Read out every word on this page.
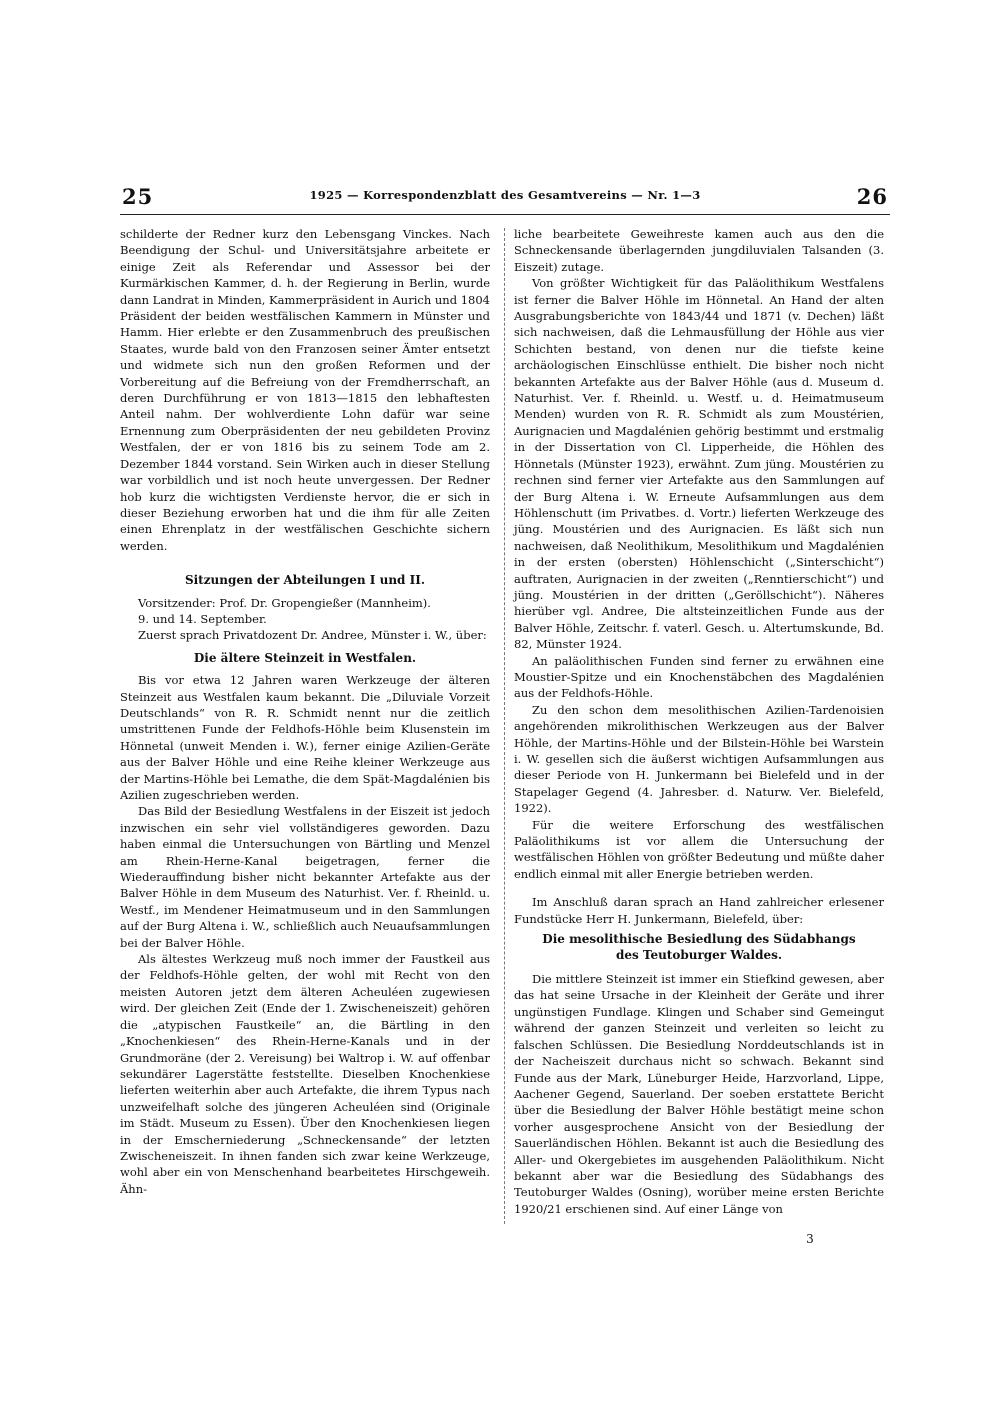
25	1925 — Korrespondenzblatt des Gesamtvereins — Nr. 1—3	26

schilderte der Redner kurz den Lebensgang Vinckes. Nach Beendigung der Schul- und Universitätsjahre arbeitete er einige Zeit als Referendar und Assessor bei der Kurmärkischen Kammer, d. h. der Regierung in Berlin, wurde dann Landrat in Minden, Kammerpräsident in Aurich und 1804 Präsident der beiden westfälischen Kammern in Münster und Hamm. Hier erlebte er den Zusammenbruch des preußischen Staates, wurde bald von den Franzosen seiner Ämter entsetzt und widmete sich nun den großen Reformen und der Vorbereitung auf die Befreiung von der Fremdherrschaft, an deren Durchführung er von 1813—1815 den lebhaftesten Anteil nahm. Der wohlverdiente Lohn dafür war seine Ernennung zum Oberpräsidenten der neu gebildeten Provinz Westfalen, der er von 1816 bis zu seinem Tode am 2. Dezember 1844 vorstand. Sein Wirken auch in dieser Stellung war vorbildlich und ist noch heute unvergessen. Der Redner hob kurz die wichtigsten Verdienste hervor, die er sich in dieser Beziehung erworben hat und die ihm für alle Zeiten einen Ehrenplatz in der westfälischen Geschichte sichern werden.

Sitzungen der Abteilungen I und II.

Vorsitzender: Prof. Dr. Gropengießer (Mannheim).

9. und 14. September.

Zuerst sprach Privatdozent Dr. Andree, Münster i. W., über:

Die ältere Steinzeit in Westfalen.

Bis vor etwa 12 Jahren waren Werkzeuge der älteren Steinzeit aus Westfalen kaum bekannt. Die „Diluviale Vorzeit Deutschlands“ von R. R. Schmidt nennt nur die zeitlich umstrittenen Funde der Feldhofs-Höhle beim Klusenstein im Hönnetal (unweit Menden i. W.), ferner einige Azilien-Geräte aus der Balver Höhle und eine Reihe kleiner Werkzeuge aus der Martins-Höhle bei Lemathe, die dem Spät-Magdalénien bis Azilien zugeschrieben werden.

Das Bild der Besiedlung Westfalens in der Eiszeit ist jedoch inzwischen ein sehr viel vollständigeres geworden. Dazu haben einmal die Untersuchungen von Bärtling und Menzel am Rhein-Herne-Kanal beigetragen, ferner die Wiederauffindung bisher nicht bekannter Artefakte aus der Balver Höhle in dem Museum des Naturhist. Ver. f. Rheinld. u. Westf., im Mendener Heimatmuseum und in den Sammlungen auf der Burg Altena i. W., schließlich auch Neuaufsammlungen bei der Balver Höhle.

Als ältestes Werkzeug muß noch immer der Faustkeil aus der Feldhofs-Höhle gelten, der wohl mit Recht von den meisten Autoren jetzt dem älteren Acheuléen zugewiesen wird. Der gleichen Zeit (Ende der 1. Zwischeneiszeit) gehören die „atypischen Faustkeile“ an, die Bärtling in den „Knochenkiesen“ des Rhein-Herne-Kanals und in der Grundmoräne (der 2. Vereisung) bei Waltrop i. W. auf offenbar sekundärer Lagerstätte feststellte. Dieselben Knochenkiese lieferten weiterhin aber auch Artefakte, die ihrem Typus nach unzweifelhaft solche des jüngeren Acheuléen sind (Originale im Städt. Museum zu Essen). Über den Knochenkiesen liegen in der Emscherniederung „Schneckensande“ der letzten Zwischeneiszeit. In ihnen fanden sich zwar keine Werkzeuge, wohl aber ein von Menschenhand bearbeitetes Hirschgeweih. Ähn-

liche bearbeitete Geweihreste kamen auch aus den die Schneckensande überlagernden jungdiluvialen Talsanden (3. Eiszeit) zutage.

Von größter Wichtigkeit für das Paläolithikum Westfalens ist ferner die Balver Höhle im Hönnetal. An Hand der alten Ausgrabungsberichte von 1843/44 und 1871 (v. Dechen) läßt sich nachweisen, daß die Lehmausfüllung der Höhle aus vier Schichten bestand, von denen nur die tiefste keine archäologischen Einschlüsse enthielt. Die bisher noch nicht bekannten Artefakte aus der Balver Höhle (aus d. Museum d. Naturhist. Ver. f. Rheinld. u. Westf. u. d. Heimatmuseum Menden) wurden von R. R. Schmidt als zum Moustérien, Aurignacien und Magdalénien gehörig bestimmt und erstmalig in der Dissertation von Cl. Lipperheide, die Höhlen des Hönnetals (Münster 1923), erwähnt. Zum jüng. Moustérien zu rechnen sind ferner vier Artefakte aus den Sammlungen auf der Burg Altena i. W. Erneute Aufsammlungen aus dem Höhlenschutt (im Privatbes. d. Vortr.) lieferten Werkzeuge des jüng. Moustérien und des Aurignacien. Es läßt sich nun nachweisen, daß Neolithikum, Mesolithikum und Magdalénien in der ersten (obersten) Höhlenschicht („Sinterschicht“) auftraten, Aurignacien in der zweiten („Renntierschicht“) und jüng. Moustérien in der dritten („Geröllschicht“). Näheres hierüber vgl. Andree, Die altsteinzeitlichen Funde aus der Balver Höhle, Zeitschr. f. vaterl. Gesch. u. Altertumskunde, Bd. 82, Münster 1924.

An paläolithischen Funden sind ferner zu erwähnen eine Moustier-Spitze und ein Knochenstäbchen des Magdalénien aus der Feldhofs-Höhle.

Zu den schon dem mesolithischen Azilien-Tardenoisien angehörenden mikrolithischen Werkzeugen aus der Balver Höhle, der Martins-Höhle und der Bilstein-Höhle bei Warstein i. W. gesellen sich die äußerst wichtigen Aufsammlungen aus dieser Periode von H. Junkermann bei Bielefeld und in der Stapelager Gegend (4. Jahresber. d. Naturw. Ver. Bielefeld, 1922).

Für die weitere Erforschung des westfälischen Paläolithikums ist vor allem die Untersuchung der westfälischen Höhlen von größter Bedeutung und müßte daher endlich einmal mit aller Energie betrieben werden.

Im Anschluß daran sprach an Hand zahlreicher erlesener Fundstücke Herr H. Junkermann, Bielefeld, über:

Die mesolithische Besiedlung des Südabhangs
des Teutoburger Waldes.

Die mittlere Steinzeit ist immer ein Stiefkind gewesen, aber das hat seine Ursache in der Kleinheit der Geräte und ihrer ungünstigen Fundlage. Klingen und Schaber sind Gemeingut während der ganzen Steinzeit und verleiten so leicht zu falschen Schlüssen. Die Besiedlung Norddeutschlands ist in der Nacheiszeit durchaus nicht so schwach. Bekannt sind Funde aus der Mark, Lüneburger Heide, Harzvorland, Lippe, Aachener Gegend, Sauerland. Der soeben erstattete Bericht über die Besiedlung der Balver Höhle bestätigt meine schon vorher ausgesprochene Ansicht von der Besiedlung der Sauerländischen Höhlen. Bekannt ist auch die Besiedlung des Aller- und Okergebietes im ausgehenden Paläolithikum. Nicht bekannt aber war die Besiedlung des Südabhangs des Teutoburger Waldes (Osning), worüber meine ersten Berichte 1920/21 erschienen sind. Auf einer Länge von

3
